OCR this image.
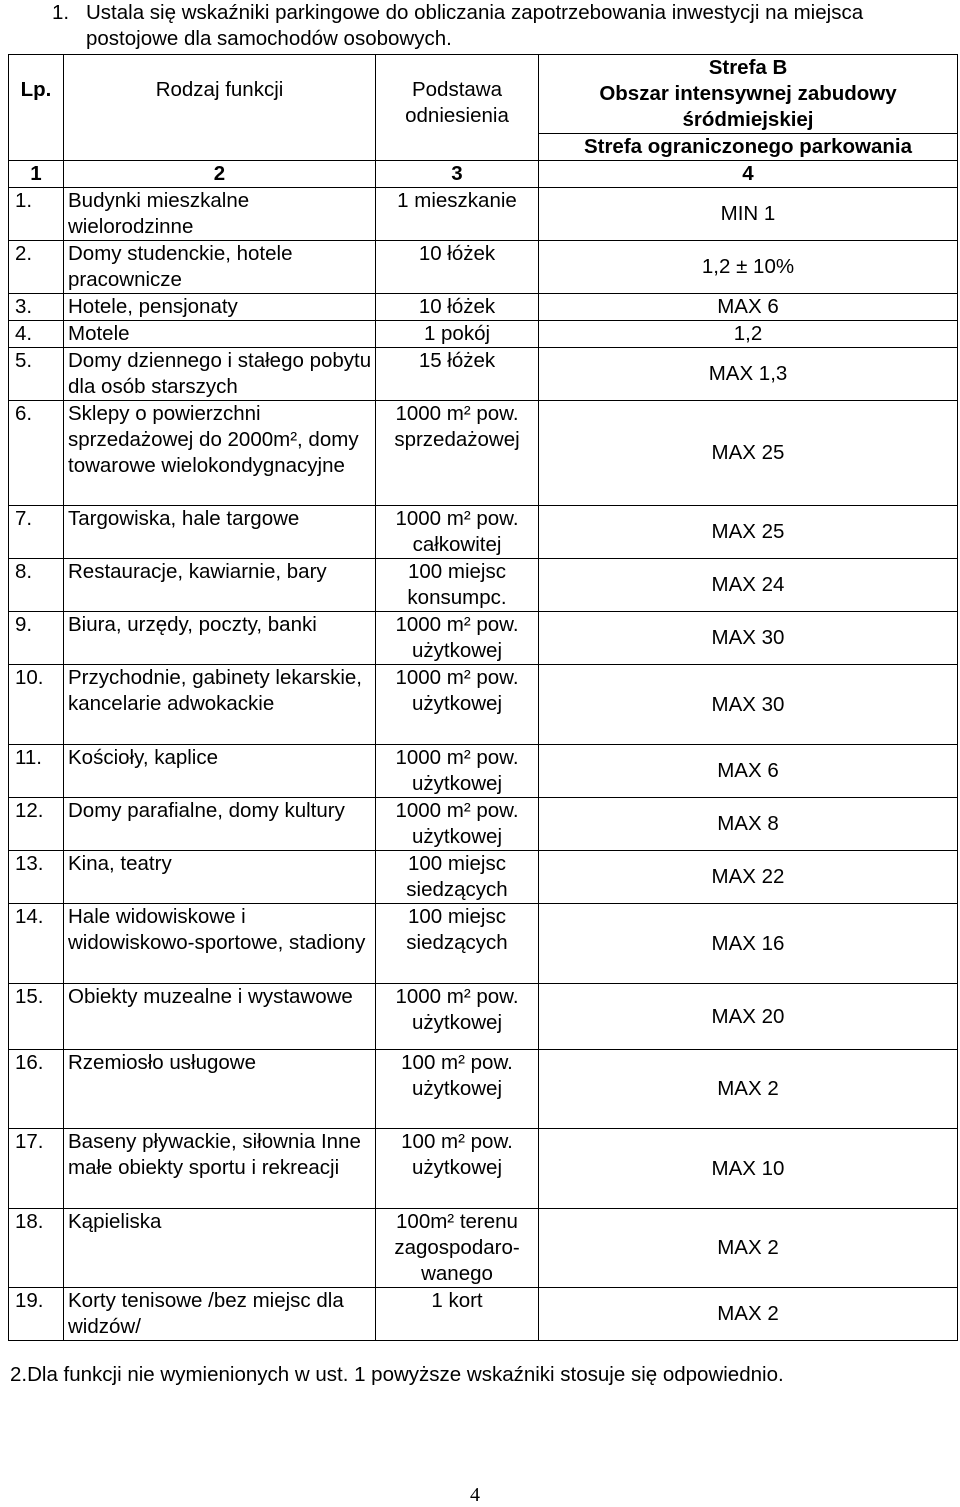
1. Ustala się wskaźniki parkingowe do obliczania zapotrzebowania inwestycji na miejsca postojowe dla samochodów osobowych.
Lp.	Rodzaj funkcji	Podstawa odniesienia	Strefa B
Obszar intensywnej zabudowy śródmiejskiej

			Strefa ograniczonego parkowania
1	2	3	4
1.	Budynki mieszkalne wielorodzinne	1 mieszkanie	MIN 1
2.	Domy studenckie, hotele pracownicze	10 łóżek	1,2 ± 10%
3.	Hotele, pensjonaty	10 łóżek	MAX 6
4.	Motele	1 pokój	1,2
5.	Domy dziennego i stałego pobytu dla osób starszych	15 łóżek	MAX 1,3
6.	Sklepy o powierzchni sprzedażowej do 2000m², domy towarowe wielokondygnacyjne	1000 m² pow. sprzedażowej	MAX 25
7.	Targowiska, hale targowe	1000 m² pow. całkowitej	MAX 25
8.	Restauracje, kawiarnie, bary	100 miejsc konsumpc.	MAX 24
9.	Biura, urzędy, poczty, banki	1000 m² pow. użytkowej	MAX 30
10.	Przychodnie, gabinety lekarskie, kancelarie adwokackie	1000 m² pow. użytkowej	MAX 30
11.	Kościoły, kaplice	1000 m² pow. użytkowej	MAX 6
12.	Domy parafialne, domy kultury	1000 m² pow. użytkowej	MAX 8
13.	Kina, teatry	100 miejsc siedzących	MAX 22
14.	Hale widowiskowe i widowiskowo-sportowe, stadiony	100 miejsc siedzących	MAX 16
15.	Obiekty muzealne i wystawowe	1000 m² pow. użytkowej	MAX 20
16.	Rzemiosło usługowe	100 m² pow. użytkowej	MAX 2
17.	Baseny pływackie, siłownia Inne małe obiekty sportu i rekreacji	100 m² pow. użytkowej	MAX 10
18.	Kąpieliska	100m² terenu zagospodaro-wanego	MAX 2
19.	Korty tenisowe /bez miejsc dla widzów/	1 kort	MAX 2
2.Dla funkcji nie wymienionych w ust. 1 powyższe wskaźniki stosuje się odpowiednio.
4
